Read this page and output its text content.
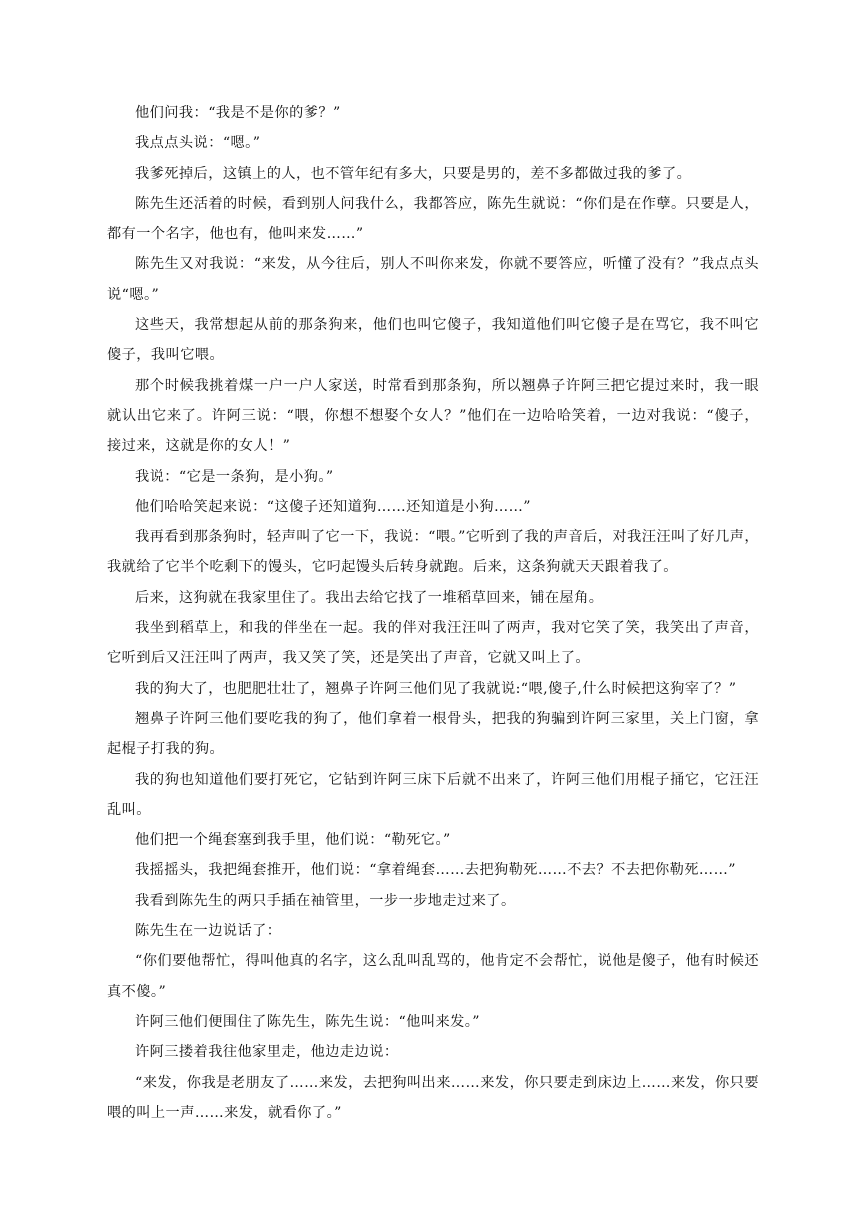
他们问我：“我是不是你的爹？”

我点点头说：“嗯。”

我爹死掉后，这镇上的人，也不管年纪有多大，只要是男的，差不多都做过我的爹了。

陈先生还活着的时候，看到别人问我什么，我都答应，陈先生就说：“你们是在作孽。只要是人，都有一个名字，他也有，他叫来发……”

陈先生又对我说：“来发，从今往后，别人不叫你来发，你就不要答应，听懂了没有？”我点点头说“嗯。”

这些天，我常想起从前的那条狗来，他们也叫它傻子，我知道他们叫它傻子是在骂它，我不叫它傻子，我叫它喂。

那个时候我挑着煤一户一户人家送，时常看到那条狗，所以翘鼻子许阿三把它提过来时，我一眼就认出它来了。许阿三说：“喂，你想不想娶个女人？”他们在一边哈哈笑着，一边对我说：“傻子，接过来，这就是你的女人！”

我说：“它是一条狗，是小狗。”

他们哈哈笑起来说：“这傻子还知道狗……还知道是小狗……”

我再看到那条狗时，轻声叫了它一下，我说：“喂。”它听到了我的声音后，对我汪汪叫了好几声，我就给了它半个吃剩下的馒头，它叼起馒头后转身就跑。后来，这条狗就天天跟着我了。

后来，这狗就在我家里住了。我出去给它找了一堆稻草回来，铺在屋角。

我坐到稻草上，和我的伴坐在一起。我的伴对我汪汪叫了两声，我对它笑了笑，我笑出了声音，它听到后又汪汪叫了两声，我又笑了笑，还是笑出了声音，它就又叫上了。

我的狗大了，也肥肥壮壮了，翘鼻子许阿三他们见了我就说:“喂,傻子,什么时候把这狗宰了？”

翘鼻子许阿三他们要吃我的狗了，他们拿着一根骨头，把我的狗骗到许阿三家里，关上门窗，拿起棍子打我的狗。

我的狗也知道他们要打死它，它钻到许阿三床下后就不出来了，许阿三他们用棍子捅它，它汪汪乱叫。

他们把一个绳套塞到我手里，他们说：“勒死它。”

我摇摇头，我把绳套推开，他们说：“拿着绳套……去把狗勒死……不去？不去把你勒死……”

我看到陈先生的两只手插在袖管里，一步一步地走过来了。

陈先生在一边说话了：

“你们要他帮忙，得叫他真的名字，这么乱叫乱骂的，他肯定不会帮忙，说他是傻子，他有时候还真不傻。”

许阿三他们便围住了陈先生，陈先生说：“他叫来发。”

许阿三搂着我往他家里走，他边走边说：

“来发，你我是老朋友了……来发，去把狗叫出来……来发，你只要走到床边上……来发，你只要喂的叫上一声……来发，就看你了。”
